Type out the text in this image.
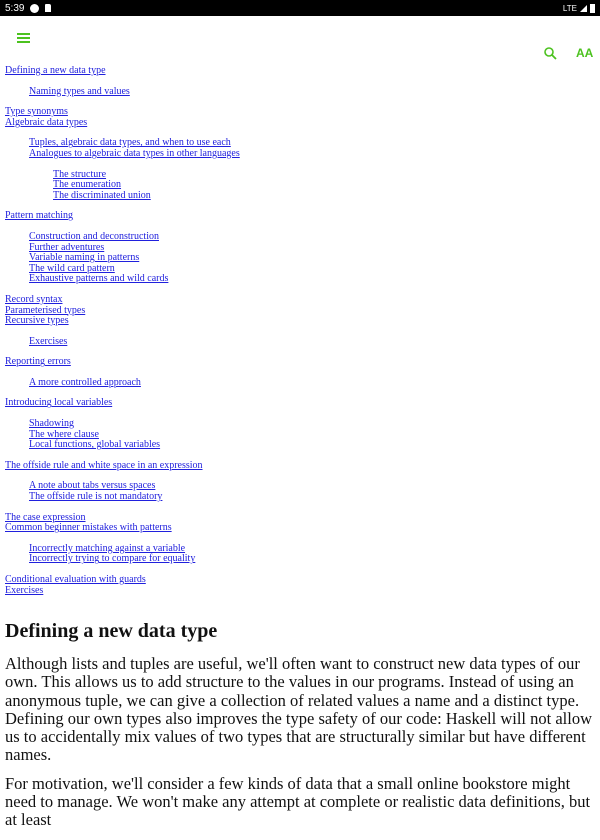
5:39	LTE
AA
Defining a new data type
Naming types and values
Type synonyms
Algebraic data types
Tuples, algebraic data types, and when to use each
Analogues to algebraic data types in other languages
The structure
The enumeration
The discriminated union
Pattern matching
Construction and deconstruction
Further adventures
Variable naming in patterns
The wild card pattern
Exhaustive patterns and wild cards
Record syntax
Parameterised types
Recursive types
Exercises
Reporting errors
A more controlled approach
Introducing local variables
Shadowing
The where clause
Local functions, global variables
The offside rule and white space in an expression
A note about tabs versus spaces
The offside rule is not mandatory
The case expression
Common beginner mistakes with patterns
Incorrectly matching against a variable
Incorrectly trying to compare for equality
Conditional evaluation with guards
Exercises
Defining a new data type

Although lists and tuples are useful, we'll often want to construct new data types of our own. This allows us to add structure to the values in our programs. Instead of using an anonymous tuple, we can give a collection of related values a name and a distinct type. Defining our own types also improves the type safety of our code: Haskell will not allow us to accidentally mix values of two types that are structurally similar but have different names.

For motivation, we'll consider a few kinds of data that a small online bookstore might need to manage. We won't make any attempt at complete or realistic data definitions, but at least
